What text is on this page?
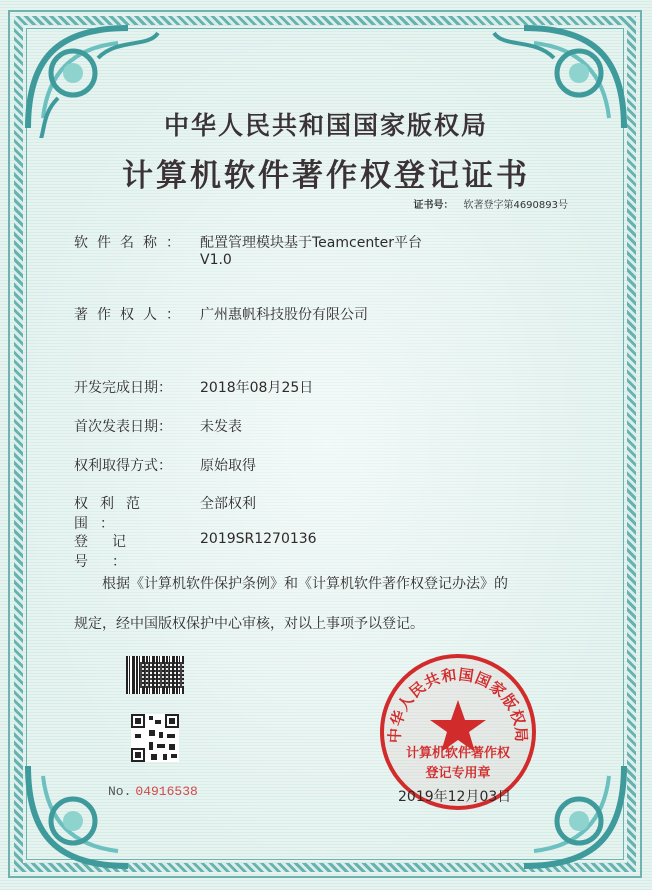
中华人民共和国国家版权局
计算机软件著作权登记证书
证书号： 软著登字第4690893号
软件名称： 配置管理模块基于Teamcenter平台
V1.0
著作权人： 广州惠帆科技股份有限公司
开发完成日期： 2018年08月25日
首次发表日期： 未发表
权利取得方式： 原始取得
权利范围：全部权利
登记号：2019SR1270136
根据《计算机软件保护条例》和《计算机软件著作权登记办法》的
规定，经中国版权保护中心审核，对以上事项予以登记。
No. 04916538
中华人民共和国国家版权局
计算机软件著作权
登记专用章
2019年12月03日
